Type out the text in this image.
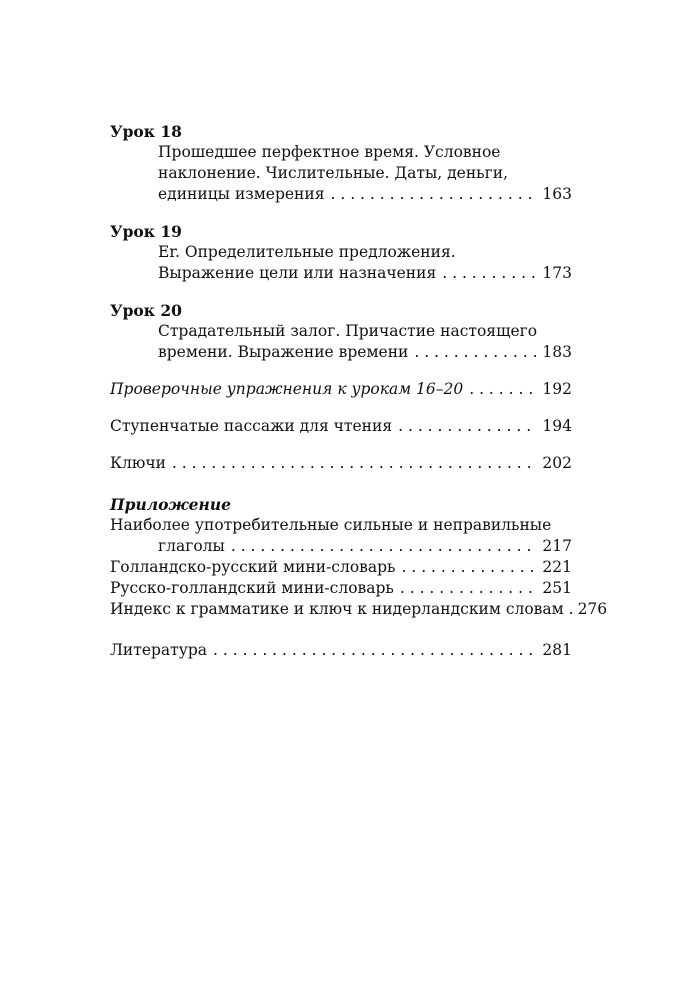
Урок 18
Прошедшее перфектное время. Условное
наклонение. Числительные. Даты, деньги,
единицы измерения . . .	163
Урок 19
Er. Определительные предложения.
Выражение цели или назначения . . .	173
Урок 20
Страдательный залог. Причастие настоящего
времени. Выражение времени . . .	183
Проверочные упражнения к урокам 16–20 . . .	192
Ступенчатые пассажи для чтения . . .	194
Ключи . . .	202
Приложение
Наиболее употребительные сильные и неправильные
глаголы . . .	217
Голландско-русский мини-словарь . . .	221
Русско-голландский мини-словарь . . .	251
Индекс к грамматике и ключ к нидерландским словам . 276
Литература . . .	281
